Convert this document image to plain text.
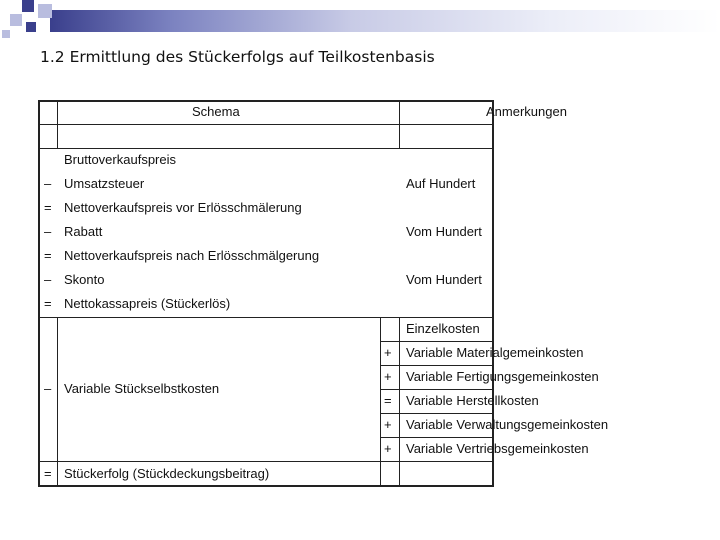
1.2 Ermittlung des Stückerfolgs auf Teilkostenbasis
Schema	Anmerkungen
Bruttoverkaufspreis
– Umsatzsteuer	Auf Hundert
= Nettoverkaufspreis vor Erlösschmälerung
– Rabatt	Vom Hundert
= Nettoverkaufspreis nach Erlösschmälgerung
– Skonto	Vom Hundert
= Nettokassapreis (Stückerlös)
Einzelkosten
– Variable Stückselbstkosten
+ Variable Materialgemeinkosten
+ Variable Fertigungsgemeinkosten
= Variable Herstellkosten
+ Variable Verwaltungsgemeinkosten
+ Variable Vertriebsgemeinkosten
= Stückerfolg (Stückdeckungsbeitrag)
